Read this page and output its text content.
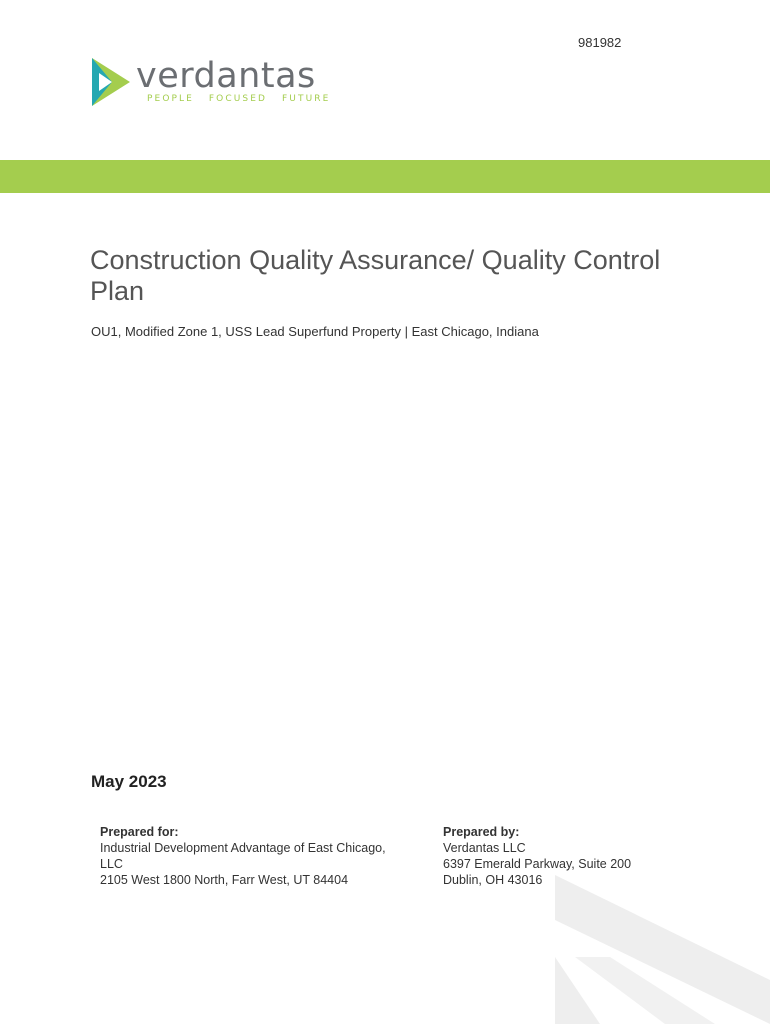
981982
verdantas
PEOPLE FOCUSED FUTURE
Construction Quality Assurance/ Quality Control Plan
OU1, Modified Zone 1, USS Lead Superfund Property | East Chicago, Indiana
May 2023
Prepared for:
Industrial Development Advantage of East Chicago, LLC
2105 West 1800 North, Farr West, UT 84404
Prepared by:
Verdantas LLC
6397 Emerald Parkway, Suite 200
Dublin, OH 43016
